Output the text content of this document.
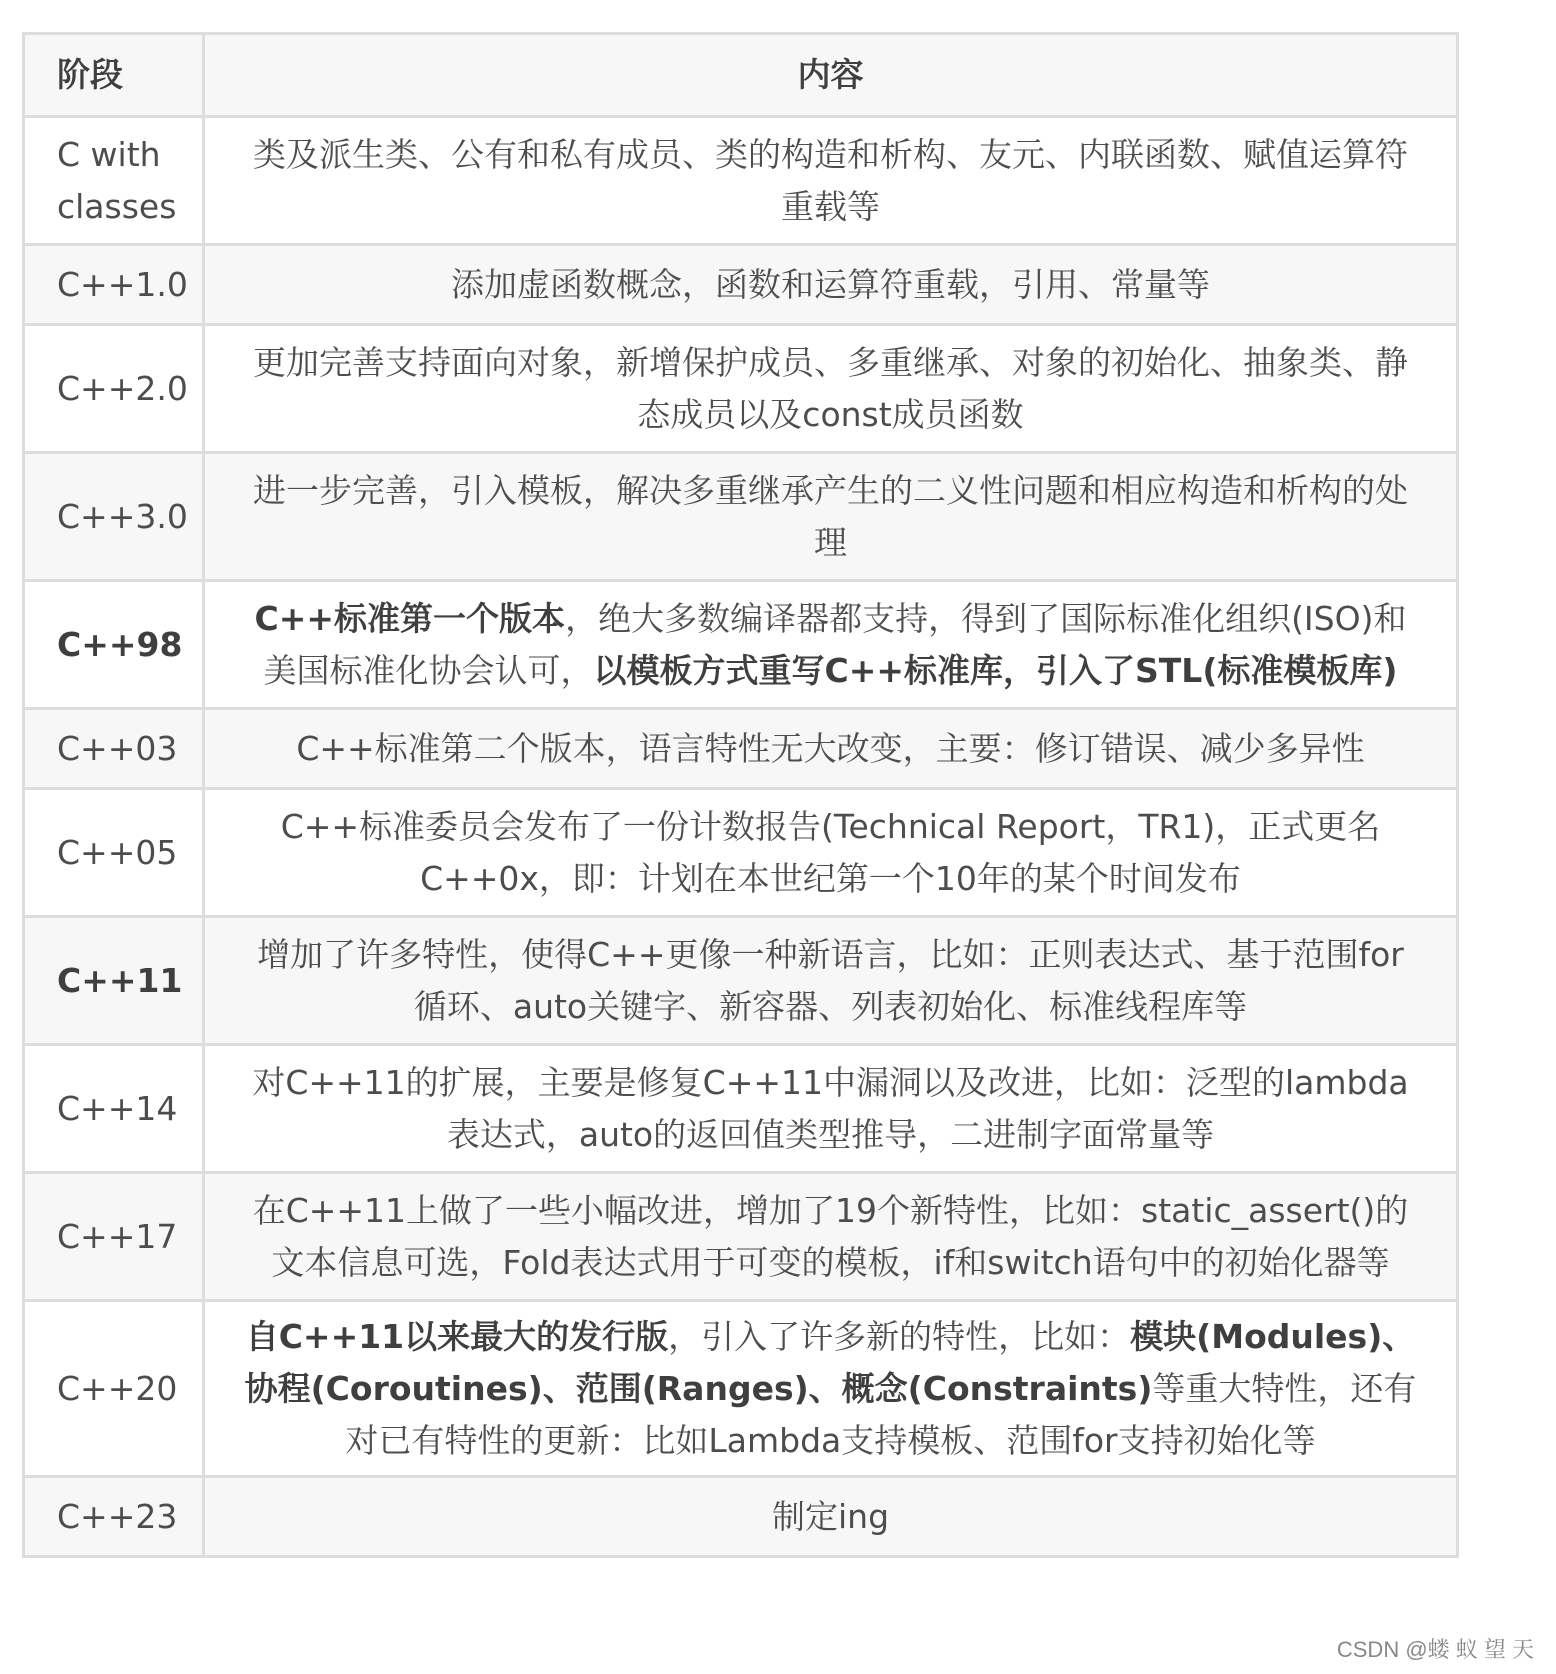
阶段	内容
C with classes	类及派生类、公有和私有成员、类的构造和析构、友元、内联函数、赋值运算符重载等
C++1.0	添加虚函数概念，函数和运算符重载，引用、常量等
C++2.0	更加完善支持面向对象，新增保护成员、多重继承、对象的初始化、抽象类、静态成员以及const成员函数
C++3.0	进一步完善，引入模板，解决多重继承产生的二义性问题和相应构造和析构的处理
C++98	C++标准第一个版本，绝大多数编译器都支持，得到了国际标准化组织(ISO)和美国标准化协会认可，以模板方式重写C++标准库，引入了STL(标准模板库)
C++03	C++标准第二个版本，语言特性无大改变，主要：修订错误、减少多异性
C++05	C++标准委员会发布了一份计数报告(Technical Report，TR1)，正式更名C++0x，即：计划在本世纪第一个10年的某个时间发布
C++11	增加了许多特性，使得C++更像一种新语言，比如：正则表达式、基于范围for循环、auto关键字、新容器、列表初始化、标准线程库等
C++14	对C++11的扩展，主要是修复C++11中漏洞以及改进，比如：泛型的lambda表达式，auto的返回值类型推导，二进制字面常量等
C++17	在C++11上做了一些小幅改进，增加了19个新特性，比如：static_assert()的文本信息可选，Fold表达式用于可变的模板，if和switch语句中的初始化器等
C++20	自C++11以来最大的发行版，引入了许多新的特性，比如：模块(Modules)、协程(Coroutines)、范围(Ranges)、概念(Constraints)等重大特性，还有对已有特性的更新：比如Lambda支持模板、范围for支持初始化等
C++23	制定ing
CSDN @蝼 蚁 望 天
